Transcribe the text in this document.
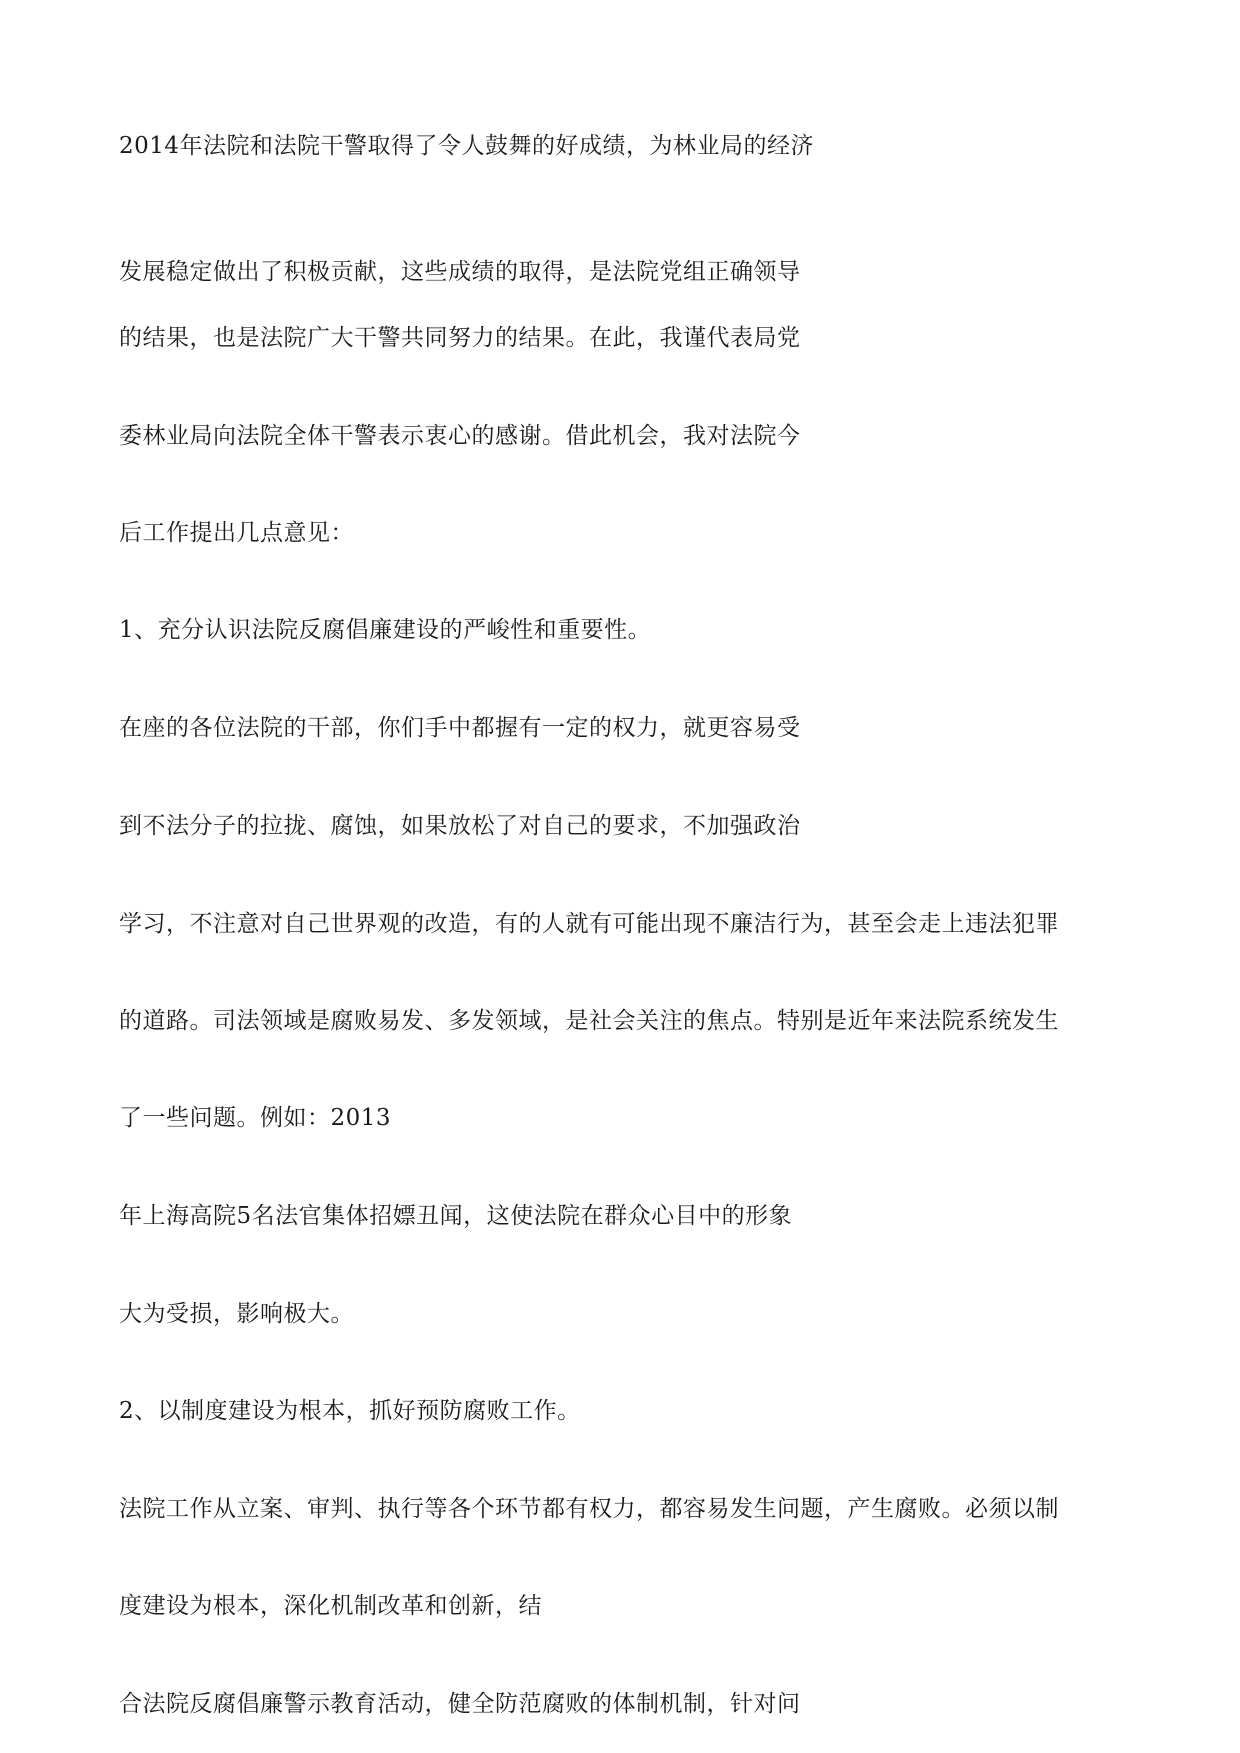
2014年法院和法院干警取得了令人鼓舞的好成绩，为林业局的经济

发展稳定做出了积极贡献，这些成绩的取得，是法院党组正确领导

的结果，也是法院广大干警共同努力的结果。在此，我谨代表局党

委林业局向法院全体干警表示衷心的感谢。借此机会，我对法院今

后工作提出几点意见：

1、充分认识法院反腐倡廉建设的严峻性和重要性。

在座的各位法院的干部，你们手中都握有一定的权力，就更容易受

到不法分子的拉拢、腐蚀，如果放松了对自己的要求，不加强政治

学习，不注意对自己世界观的改造，有的人就有可能出现不廉洁行为，甚至会走上违法犯罪

的道路。司法领域是腐败易发、多发领域，是社会关注的焦点。特别是近年来法院系统发生

了一些问题。例如：2013

年上海高院5名法官集体招嫖丑闻，这使法院在群众心目中的形象

大为受损，影响极大。

2、以制度建设为根本，抓好预防腐败工作。

法院工作从立案、审判、执行等各个环节都有权力，都容易发生问题，产生腐败。必须以制

度建设为根本，深化机制改革和创新，结

合法院反腐倡廉警示教育活动，健全防范腐败的体制机制，针对问
